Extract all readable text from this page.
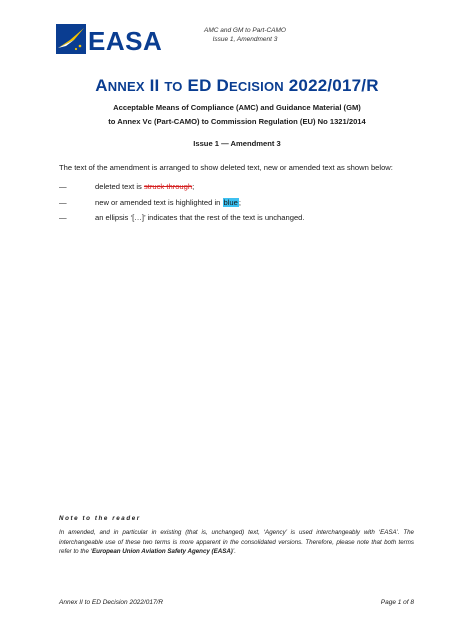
EASA	AMC and GM to Part-CAMO
Issue 1, Amendment 3
ANNEX II TO ED DECISION 2022/017/R
Acceptable Means of Compliance (AMC) and Guidance Material (GM)
to Annex Vc (Part-CAMO) to Commission Regulation (EU) No 1321/2014
Issue 1 — Amendment 3
The text of the amendment is arranged to show deleted text, new or amended text as shown below:
—	deleted text is struck through;
—	new or amended text is highlighted in blue;
—	an ellipsis ‘[…]’ indicates that the rest of the text is unchanged.
Note to the reader
In amended, and in particular in existing (that is, unchanged) text, ‘Agency’ is used interchangeably with ‘EASA’. The interchangeable use of these two terms is more apparent in the consolidated versions. Therefore, please note that both terms refer to the ‘European Union Aviation Safety Agency (EASA)’.
Annex II to ED Decision 2022/017/R	Page 1 of 8
